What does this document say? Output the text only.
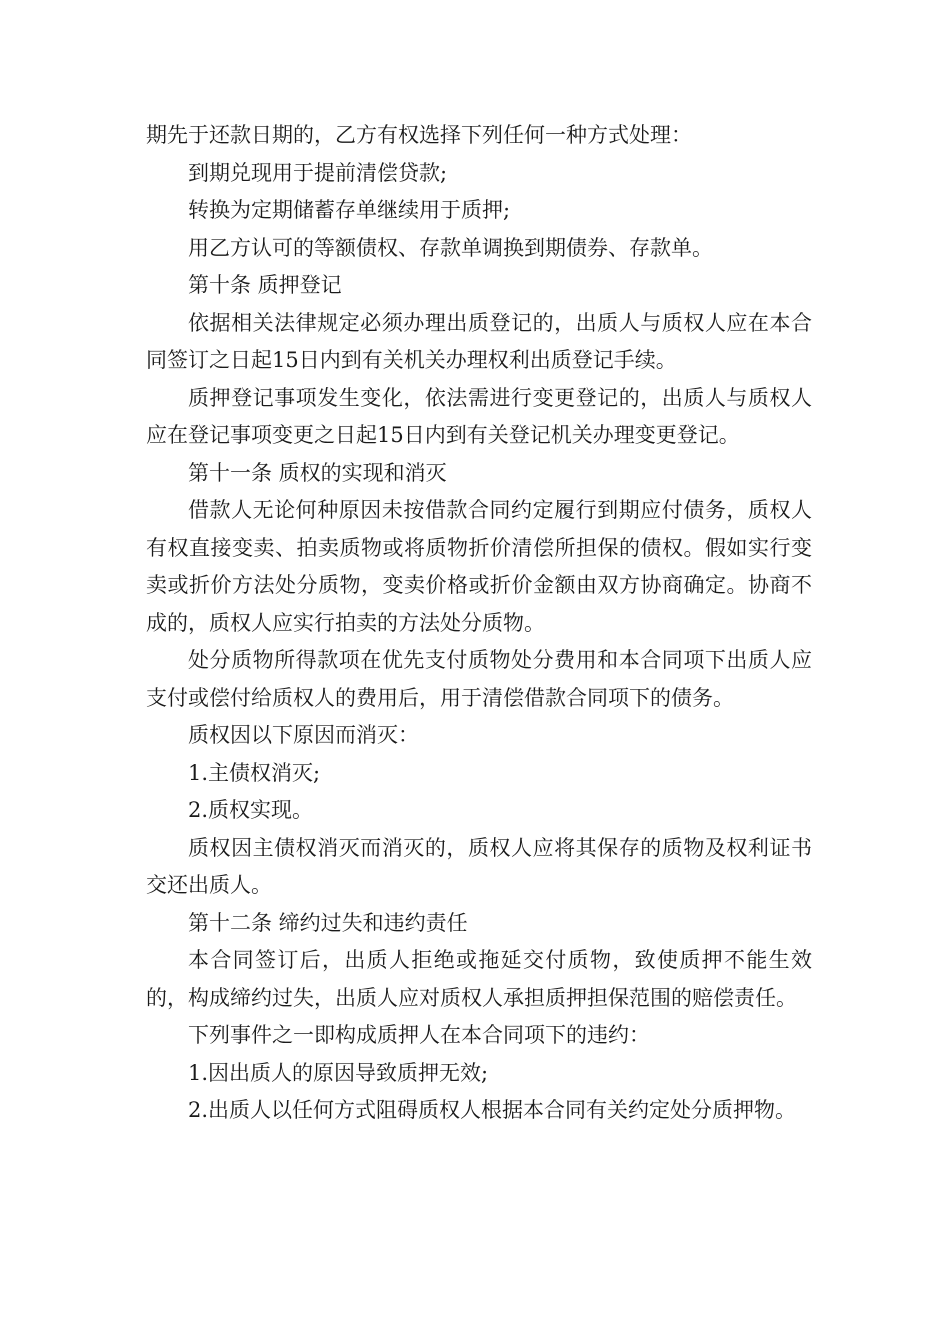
期先于还款日期的，乙方有权选择下列任何一种方式处理：

到期兑现用于提前清偿贷款;

转换为定期储蓄存单继续用于质押;

用乙方认可的等额债权、存款单调换到期债券、存款单。

第十条 质押登记

依据相关法律规定必须办理出质登记的，出质人与质权人应在本合同签订之日起15日内到有关机关办理权利出质登记手续。

质押登记事项发生变化，依法需进行变更登记的，出质人与质权人应在登记事项变更之日起15日内到有关登记机关办理变更登记。

第十一条 质权的实现和消灭

借款人无论何种原因未按借款合同约定履行到期应付债务，质权人有权直接变卖、拍卖质物或将质物折价清偿所担保的债权。假如实行变卖或折价方法处分质物，变卖价格或折价金额由双方协商确定。协商不成的，质权人应实行拍卖的方法处分质物。

处分质物所得款项在优先支付质物处分费用和本合同项下出质人应支付或偿付给质权人的费用后，用于清偿借款合同项下的债务。

质权因以下原因而消灭：

1.主债权消灭;

2.质权实现。

质权因主债权消灭而消灭的，质权人应将其保存的质物及权利证书交还出质人。

第十二条 缔约过失和违约责任

本合同签订后，出质人拒绝或拖延交付质物，致使质押不能生效的，构成缔约过失，出质人应对质权人承担质押担保范围的赔偿责任。

下列事件之一即构成质押人在本合同项下的违约：

1.因出质人的原因导致质押无效;

2.出质人以任何方式阻碍质权人根据本合同有关约定处分质押物。
